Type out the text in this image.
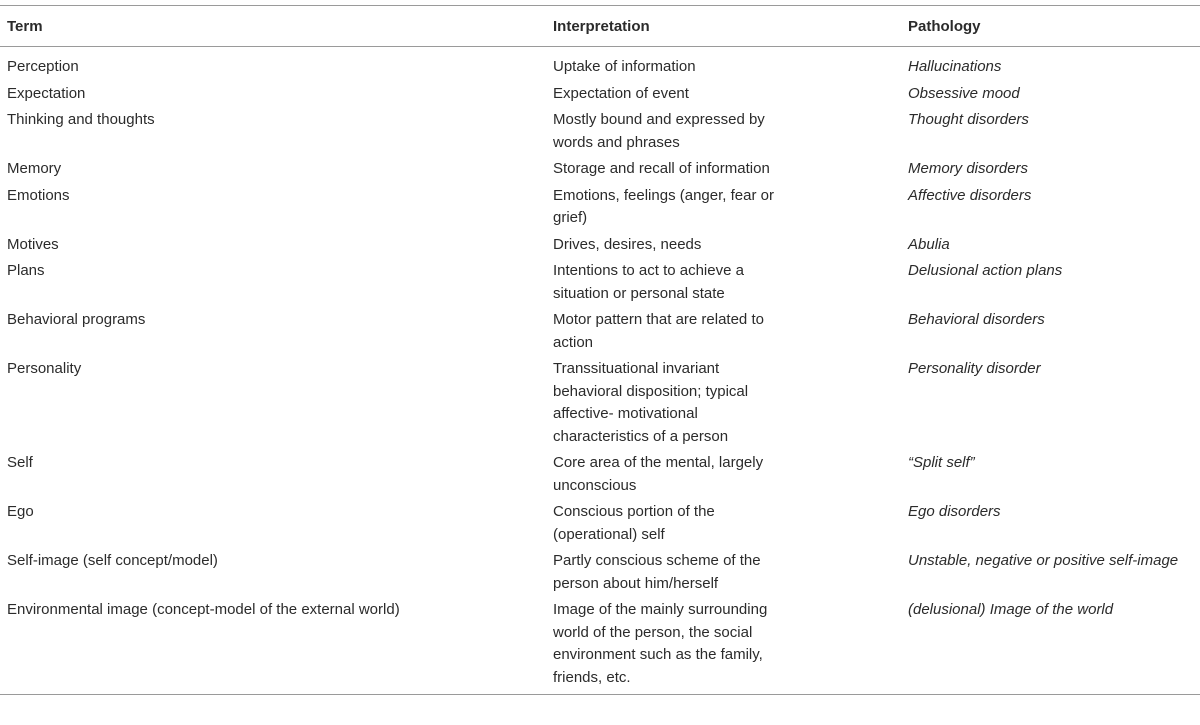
Term	Interpretation	Pathology
Perception	Uptake of information	Hallucinations
Expectation	Expectation of event	Obsessive mood
Thinking and thoughts	Mostly bound and expressed by words and phrases	Thought disorders
Memory	Storage and recall of information	Memory disorders
Emotions	Emotions, feelings (anger, fear or grief)	Affective disorders
Motives	Drives, desires, needs	Abulia
Plans	Intentions to act to achieve a situation or personal state	Delusional action plans
Behavioral programs	Motor pattern that are related to action	Behavioral disorders
Personality	Transsituational invariant behavioral disposition; typical affective- motivational characteristics of a person	Personality disorder
Self	Core area of the mental, largely unconscious	“Split self”
Ego	Conscious portion of the (operational) self	Ego disorders
Self-image (self concept/model)	Partly conscious scheme of the person about him/herself	Unstable, negative or positive self-image
Environmental image (concept-model of the external world)	Image of the mainly surrounding world of the person, the social environment such as the family, friends, etc.	(delusional) Image of the world
